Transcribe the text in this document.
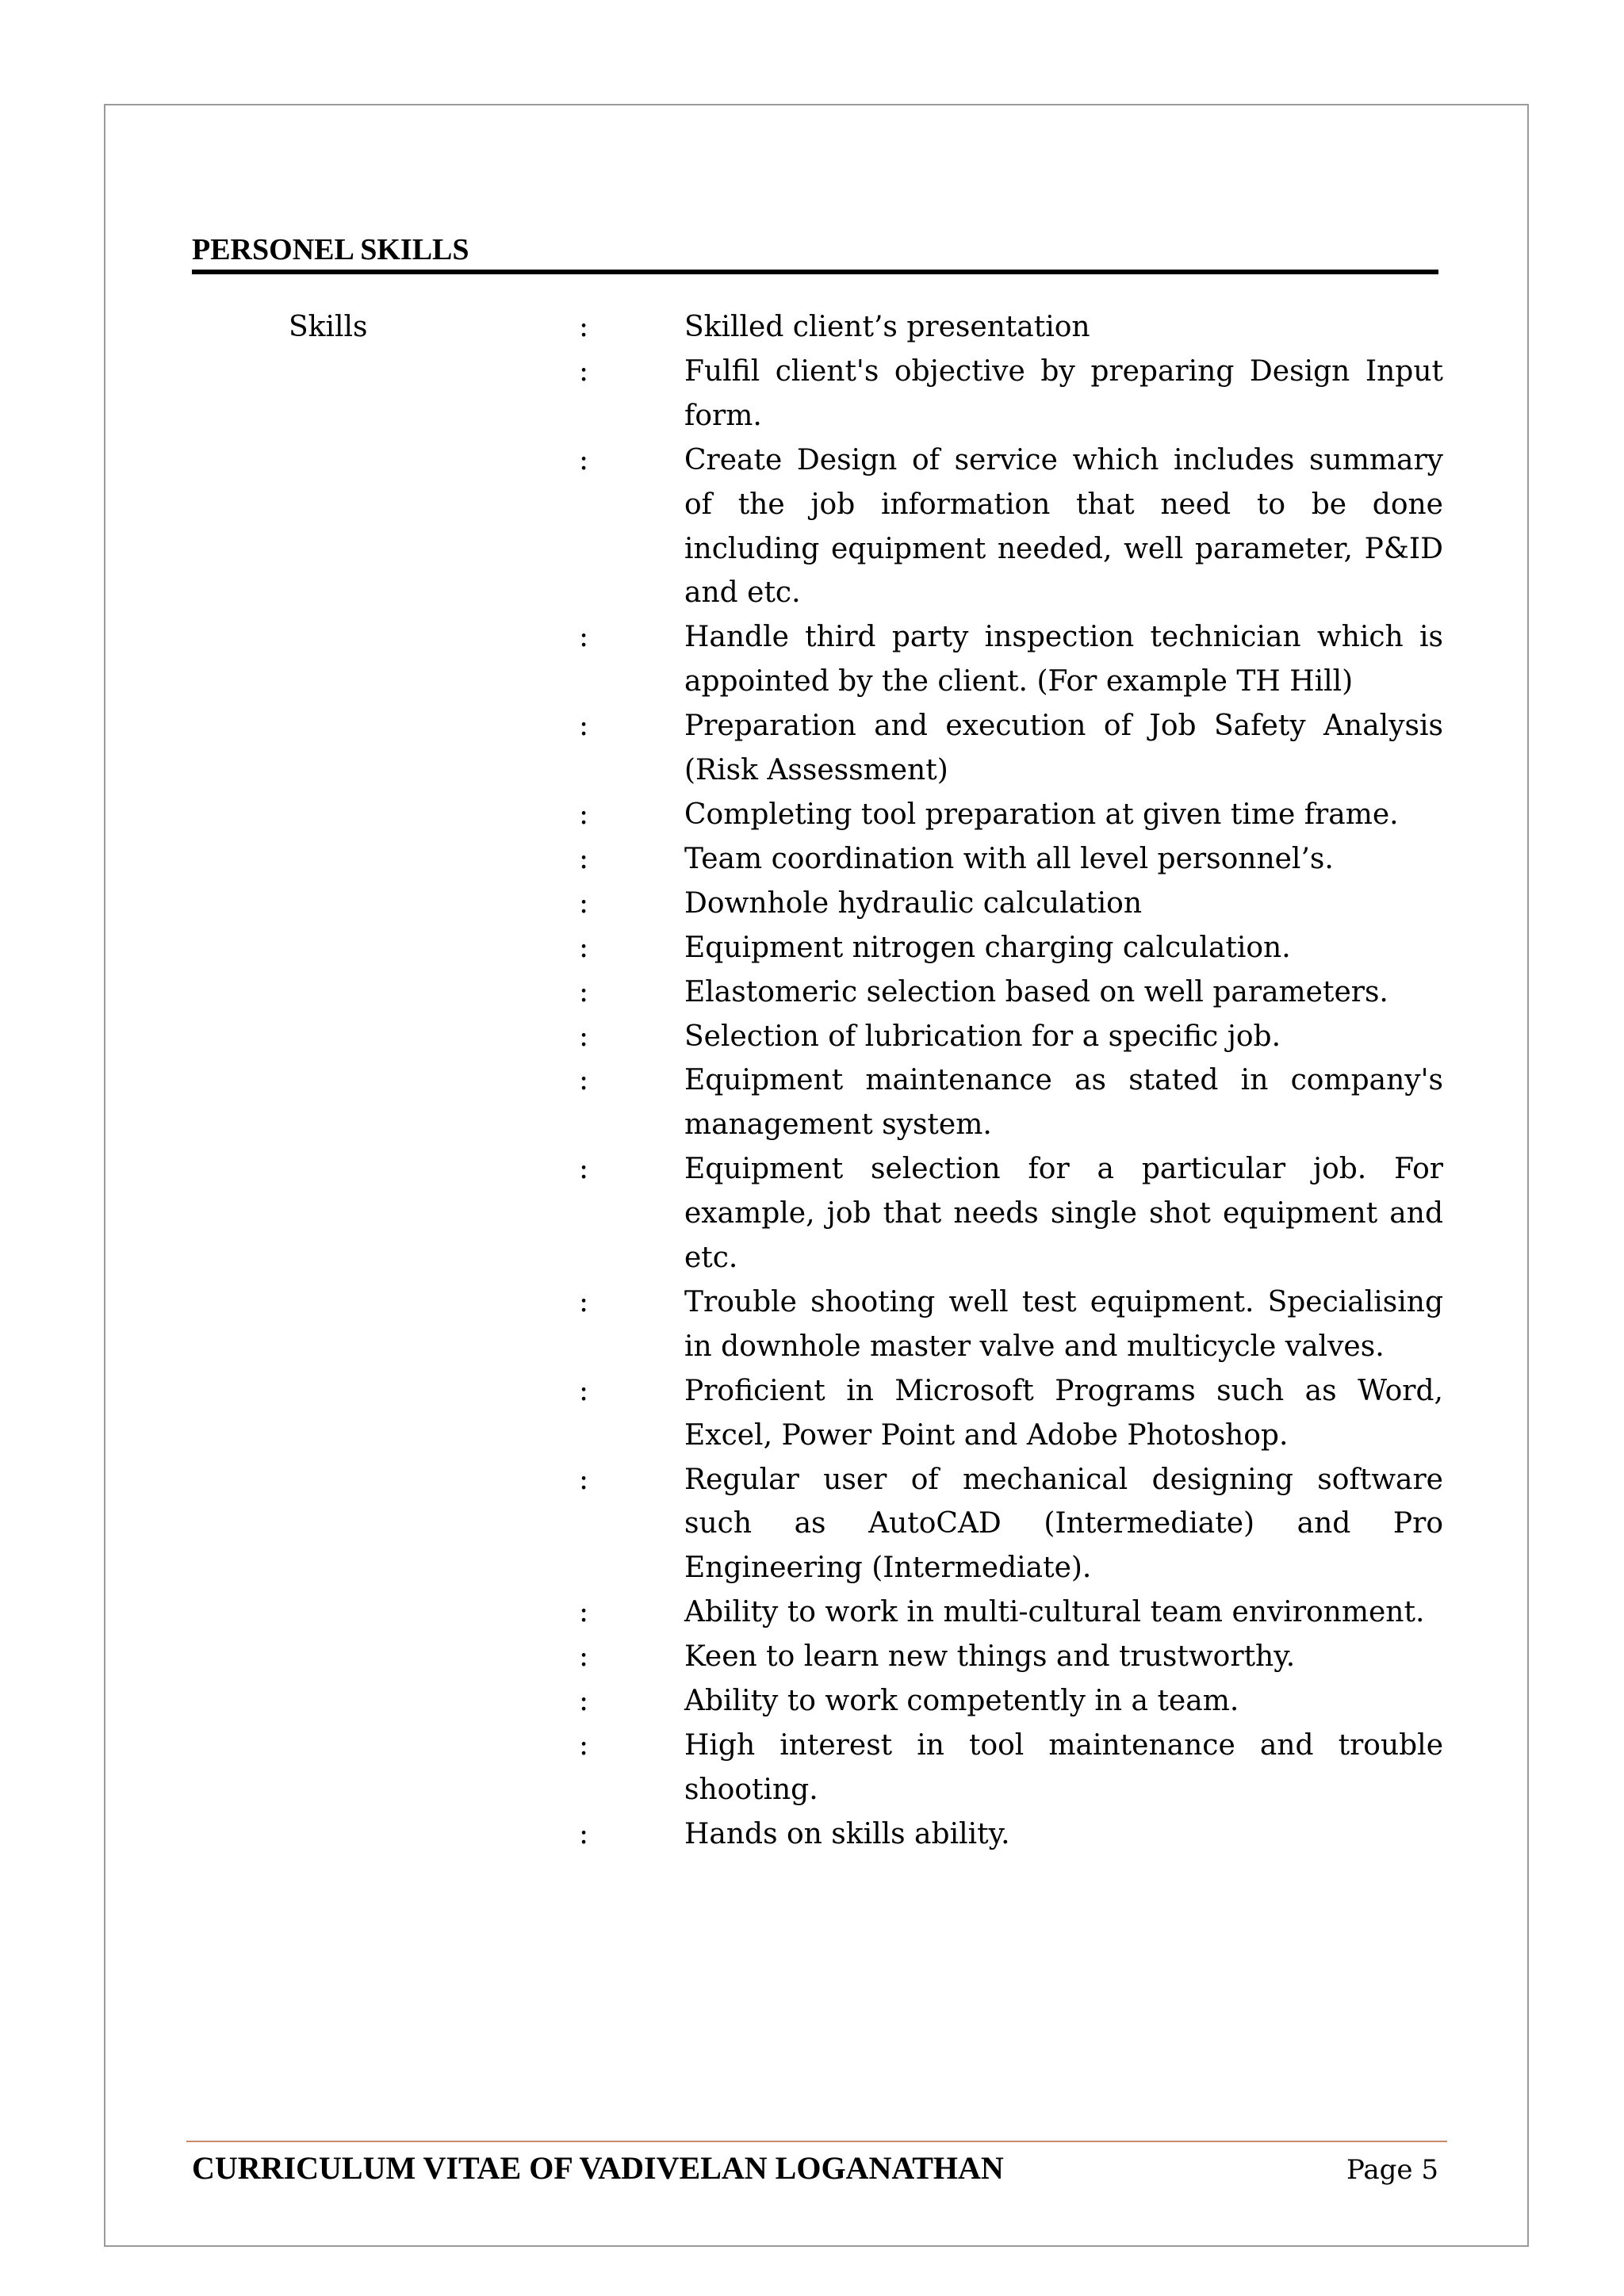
PERSONEL SKILLS
Skills	:	Skilled client’s presentation
:	Fulfil client's objective by preparing Design Input form.
:	Create Design of service which includes summary of the job information that need to be done including equipment needed, well parameter, P&ID and etc.
:	Handle third party inspection technician which is appointed by the client. (For example TH Hill)
:	Preparation and execution of Job Safety Analysis (Risk Assessment)
:	Completing tool preparation at given time frame.
:	Team coordination with all level personnel’s.
:	Downhole hydraulic calculation
:	Equipment nitrogen charging calculation.
:	Elastomeric selection based on well parameters.
:	Selection of lubrication for a specific job.
:	Equipment maintenance as stated in company's management system.
:	Equipment selection for a particular job. For example, job that needs single shot equipment and etc.
:	Trouble shooting well test equipment. Specialising in downhole master valve and multicycle valves.
:	Proficient in Microsoft Programs such as Word, Excel, Power Point and Adobe Photoshop.
:	Regular user of mechanical designing software such as AutoCAD (Intermediate) and Pro Engineering (Intermediate).
:	Ability to work in multi-cultural team environment.
:	Keen to learn new things and trustworthy.
:	Ability to work competently in a team.
:	High interest in tool maintenance and trouble shooting.
:	Hands on skills ability.
CURRICULUM VITAE OF VADIVELAN LOGANATHAN	Page 5
